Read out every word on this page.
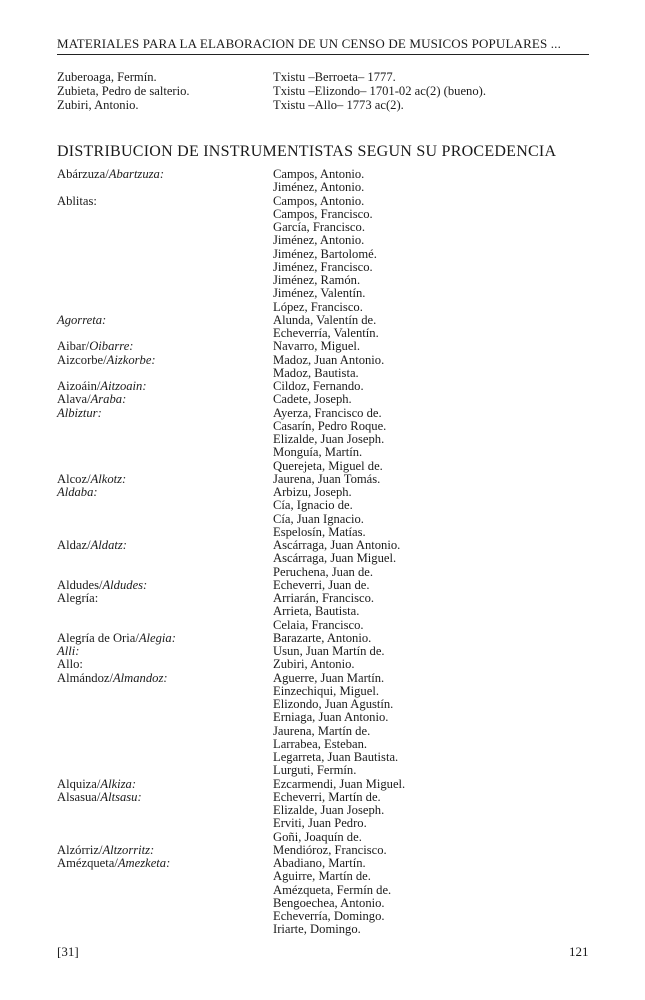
MATERIALES PARA LA ELABORACION DE UN CENSO DE MUSICOS POPULARES ...
Zuberoaga, Fermín.	Txistu –Berroeta– 1777.
Zubieta, Pedro de salterio.	Txistu –Elizondo– 1701-02 ac(2) (bueno).
Zubiri, Antonio.	Txistu –Allo– 1773 ac(2).
DISTRIBUCION DE INSTRUMENTISTAS SEGUN SU PROCEDENCIA
Abárzuza/Abartzuza:	Campos, Antonio.
Jiménez, Antonio.
Ablitas:	Campos, Antonio.
Campos, Francisco.
García, Francisco.
Jiménez, Antonio.
Jiménez, Bartolomé.
Jiménez, Francisco.
Jiménez, Ramón.
Jiménez, Valentín.
López, Francisco.
Agorreta:	Alunda, Valentín de.
Echeverría, Valentín.
Aibar/Oibarre:	Navarro, Miguel.
Aizcorbe/Aizkorbe:	Madoz, Juan Antonio.
Madoz, Bautista.
Aizoáin/Aitzoain:	Cildoz, Fernando.
Alava/Araba:	Cadete, Joseph.
Albiztur:	Ayerza, Francisco de.
Casarín, Pedro Roque.
Elizalde, Juan Joseph.
Monguía, Martín.
Querejeta, Miguel de.
Alcoz/Alkotz:	Jaurena, Juan Tomás.
Aldaba:	Arbizu, Joseph.
Cía, Ignacio de.
Cía, Juan Ignacio.
Espelosín, Matías.
Aldaz/Aldatz:	Ascárraga, Juan Antonio.
Ascárraga, Juan Miguel.
Peruchena, Juan de.
Aldudes/Aldudes:	Echeverri, Juan de.
Alegría:	Arriarán, Francisco.
Arrieta, Bautista.
Celaia, Francisco.
Alegría de Oria/Alegia:	Barazarte, Antonio.
Alli:	Usun, Juan Martín de.
Allo:	Zubiri, Antonio.
Almándoz/Almandoz:	Aguerre, Juan Martín.
Einzechiqui, Miguel.
Elizondo, Juan Agustín.
Erniaga, Juan Antonio.
Jaurena, Martín de.
Larrabea, Esteban.
Legarreta, Juan Bautista.
Lurguti, Fermín.
Alquiza/Alkiza:	Ezcarmendi, Juan Miguel.
Alsasua/Altsasu:	Echeverri, Martín de.
Elizalde, Juan Joseph.
Erviti, Juan Pedro.
Goñi, Joaquín de.
Alzórriz/Altzorritz:	Mendióroz, Francisco.
Amézqueta/Amezketa:	Abadiano, Martín.
Aguirre, Martín de.
Amézqueta, Fermín de.
Bengoechea, Antonio.
Echeverría, Domingo.
Iriarte, Domingo.
[31]	121
